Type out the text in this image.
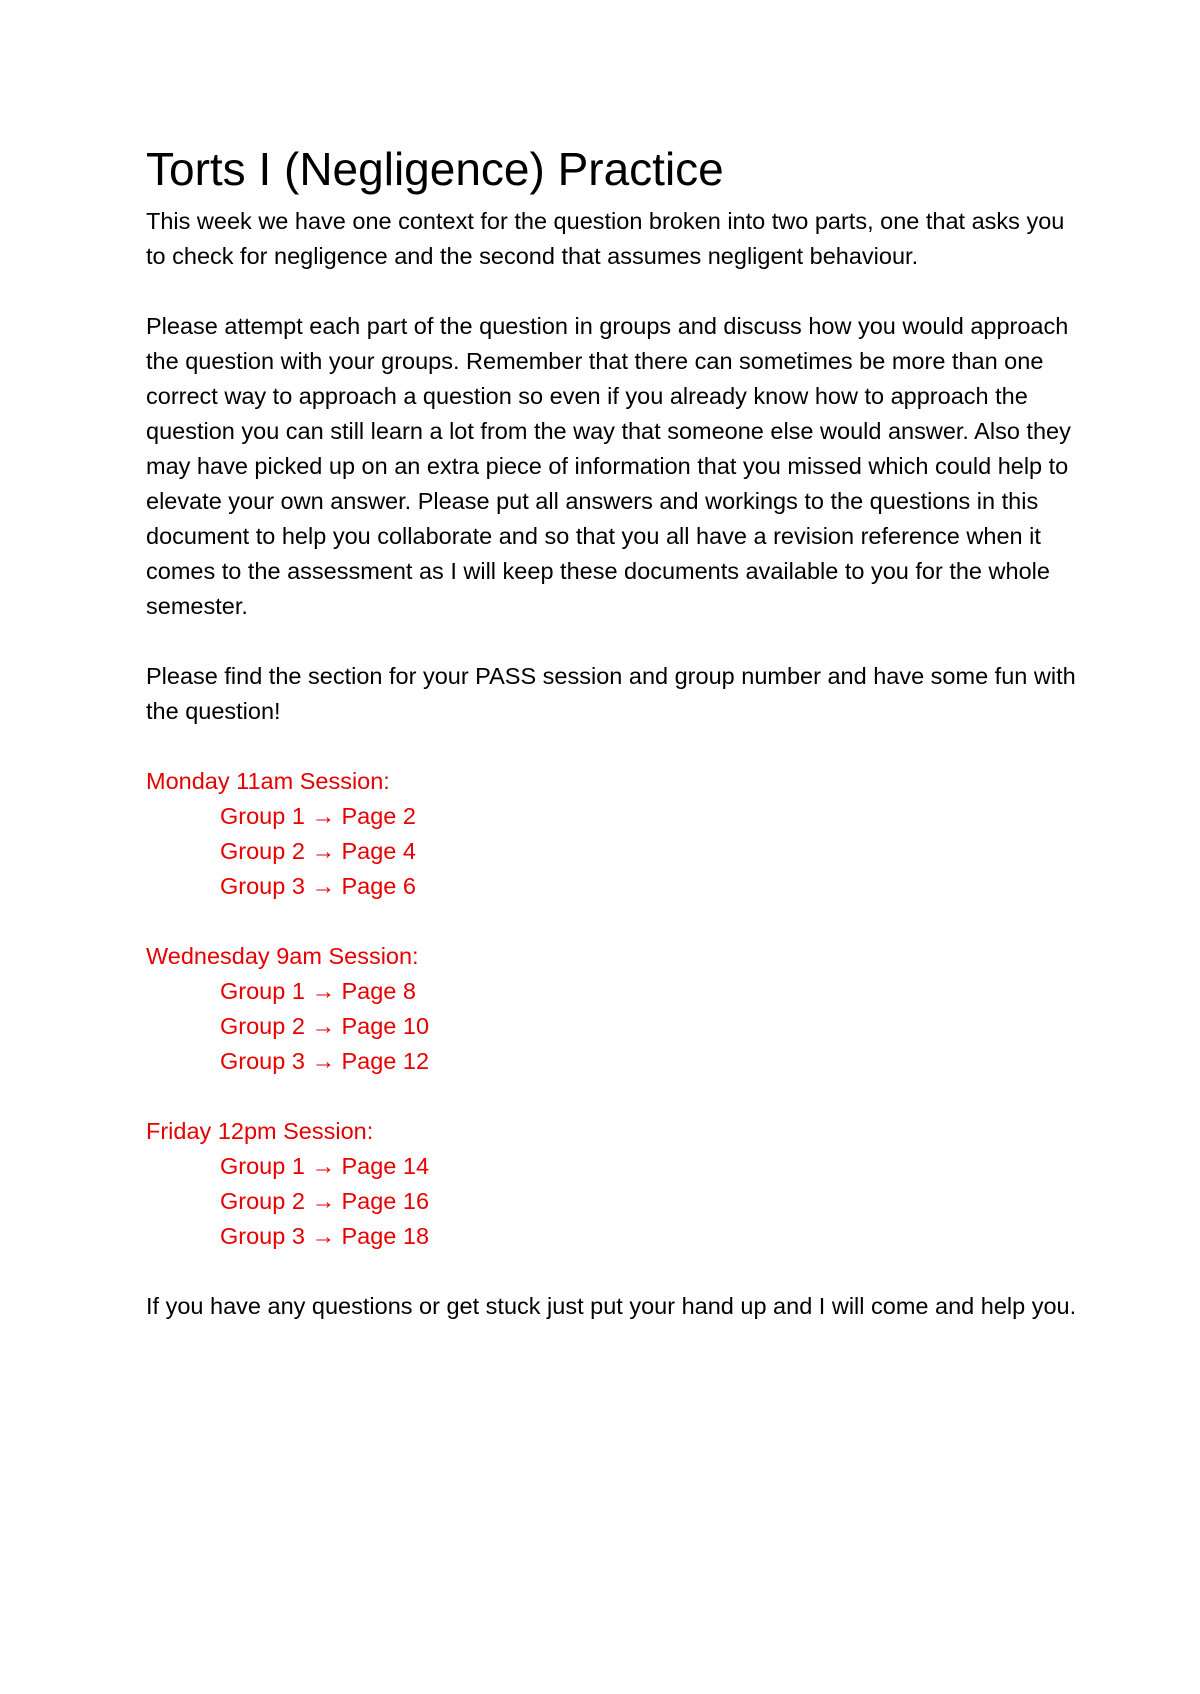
Torts I (Negligence) Practice

This week we have one context for the question broken into two parts, one that asks you to check for negligence and the second that assumes negligent behaviour.

Please attempt each part of the question in groups and discuss how you would approach the question with your groups. Remember that there can sometimes be more than one correct way to approach a question so even if you already know how to approach the question you can still learn a lot from the way that someone else would answer. Also they may have picked up on an extra piece of information that you missed which could help to elevate your own answer. Please put all answers and workings to the questions in this document to help you collaborate and so that you all have a revision reference when it comes to the assessment as I will keep these documents available to you for the whole semester.

Please find the section for your PASS session and group number and have some fun with the question!

Monday 11am Session:
Group 1 → Page 2
Group 2 → Page 4
Group 3 → Page 6
Wednesday 9am Session:
Group 1 → Page 8
Group 2 → Page 10
Group 3 → Page 12
Friday 12pm Session:
Group 1 → Page 14
Group 2 → Page 16
Group 3 → Page 18

If you have any questions or get stuck just put your hand up and I will come and help you.
